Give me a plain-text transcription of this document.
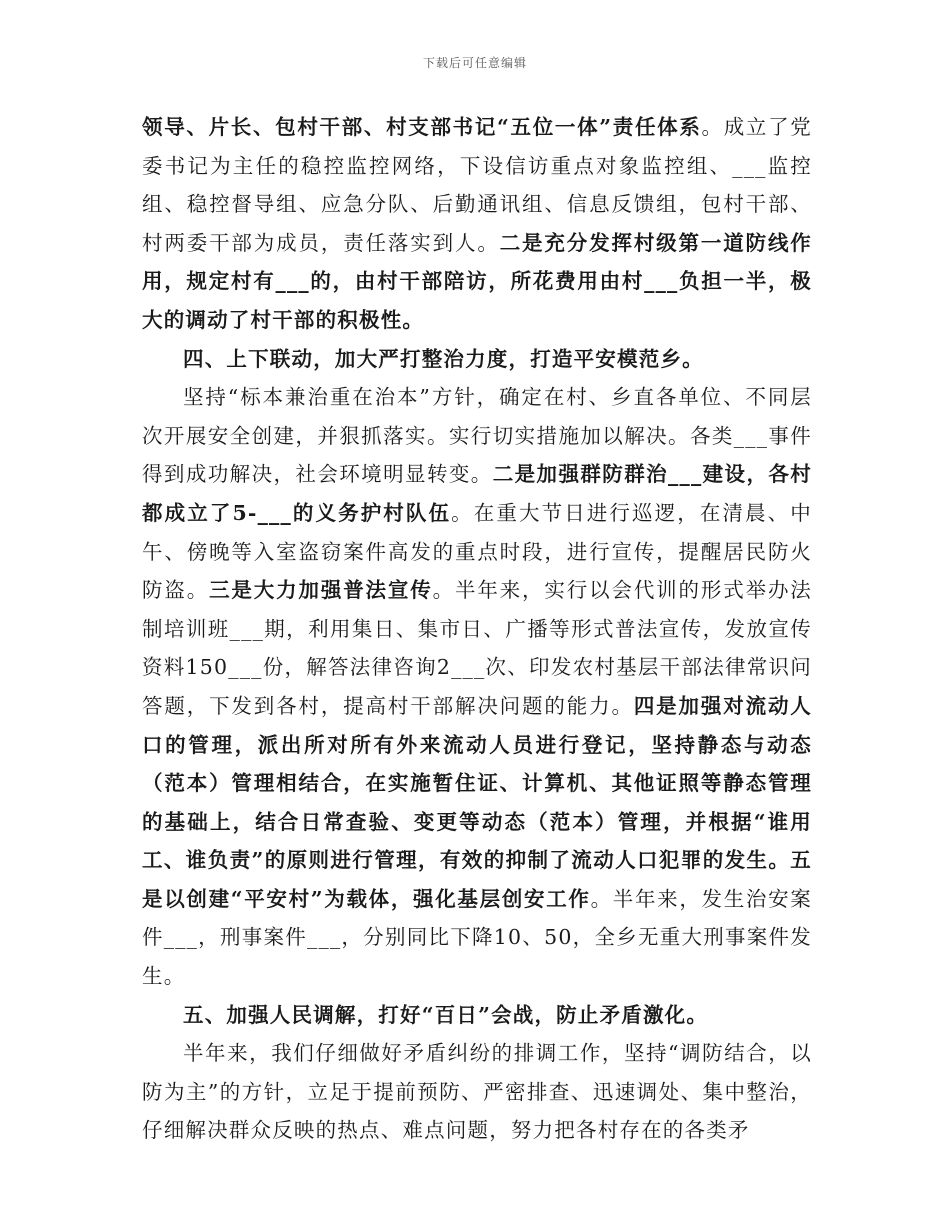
下载后可任意编辑

领导、片长、包村干部、村支部书记“五位一体”责任体系。成立了党委书记为主任的稳控监控网络，下设信访重点对象监控组、___监控组、稳控督导组、应急分队、后勤通讯组、信息反馈组，包村干部、村两委干部为成员，责任落实到人。二是充分发挥村级第一道防线作用，规定村有___的，由村干部陪访，所花费用由村___负担一半，极大的调动了村干部的积极性。

四、上下联动，加大严打整治力度，打造平安模范乡。

坚持“标本兼治重在治本”方针，确定在村、乡直各单位、不同层次开展安全创建，并狠抓落实。实行切实措施加以解决。各类___事件得到成功解决，社会环境明显转变。二是加强群防群治___建设，各村都成立了5-___的义务护村队伍。在重大节日进行巡逻，在清晨、中午、傍晚等入室盗窃案件高发的重点时段，进行宣传，提醒居民防火防盗。三是大力加强普法宣传。半年来，实行以会代训的形式举办法制培训班___期，利用集日、集市日、广播等形式普法宣传，发放宣传资料150___份，解答法律咨询2___次、印发农村基层干部法律常识问答题，下发到各村，提高村干部解决问题的能力。四是加强对流动人口的管理，派出所对所有外来流动人员进行登记，坚持静态与动态（范本）管理相结合，在实施暂住证、计算机、其他证照等静态管理的基础上，结合日常查验、变更等动态（范本）管理，并根据“谁用工、谁负责”的原则进行管理，有效的抑制了流动人口犯罪的发生。五是以创建“平安村”为载体，强化基层创安工作。半年来，发生治安案件___，刑事案件___，分别同比下降10、50，全乡无重大刑事案件发生。

五、加强人民调解，打好“百日”会战，防止矛盾激化。

半年来，我们仔细做好矛盾纠纷的排调工作，坚持“调防结合，以防为主”的方针，立足于提前预防、严密排查、迅速调处、集中整治，仔细解决群众反映的热点、难点问题，努力把各村存在的各类矛
